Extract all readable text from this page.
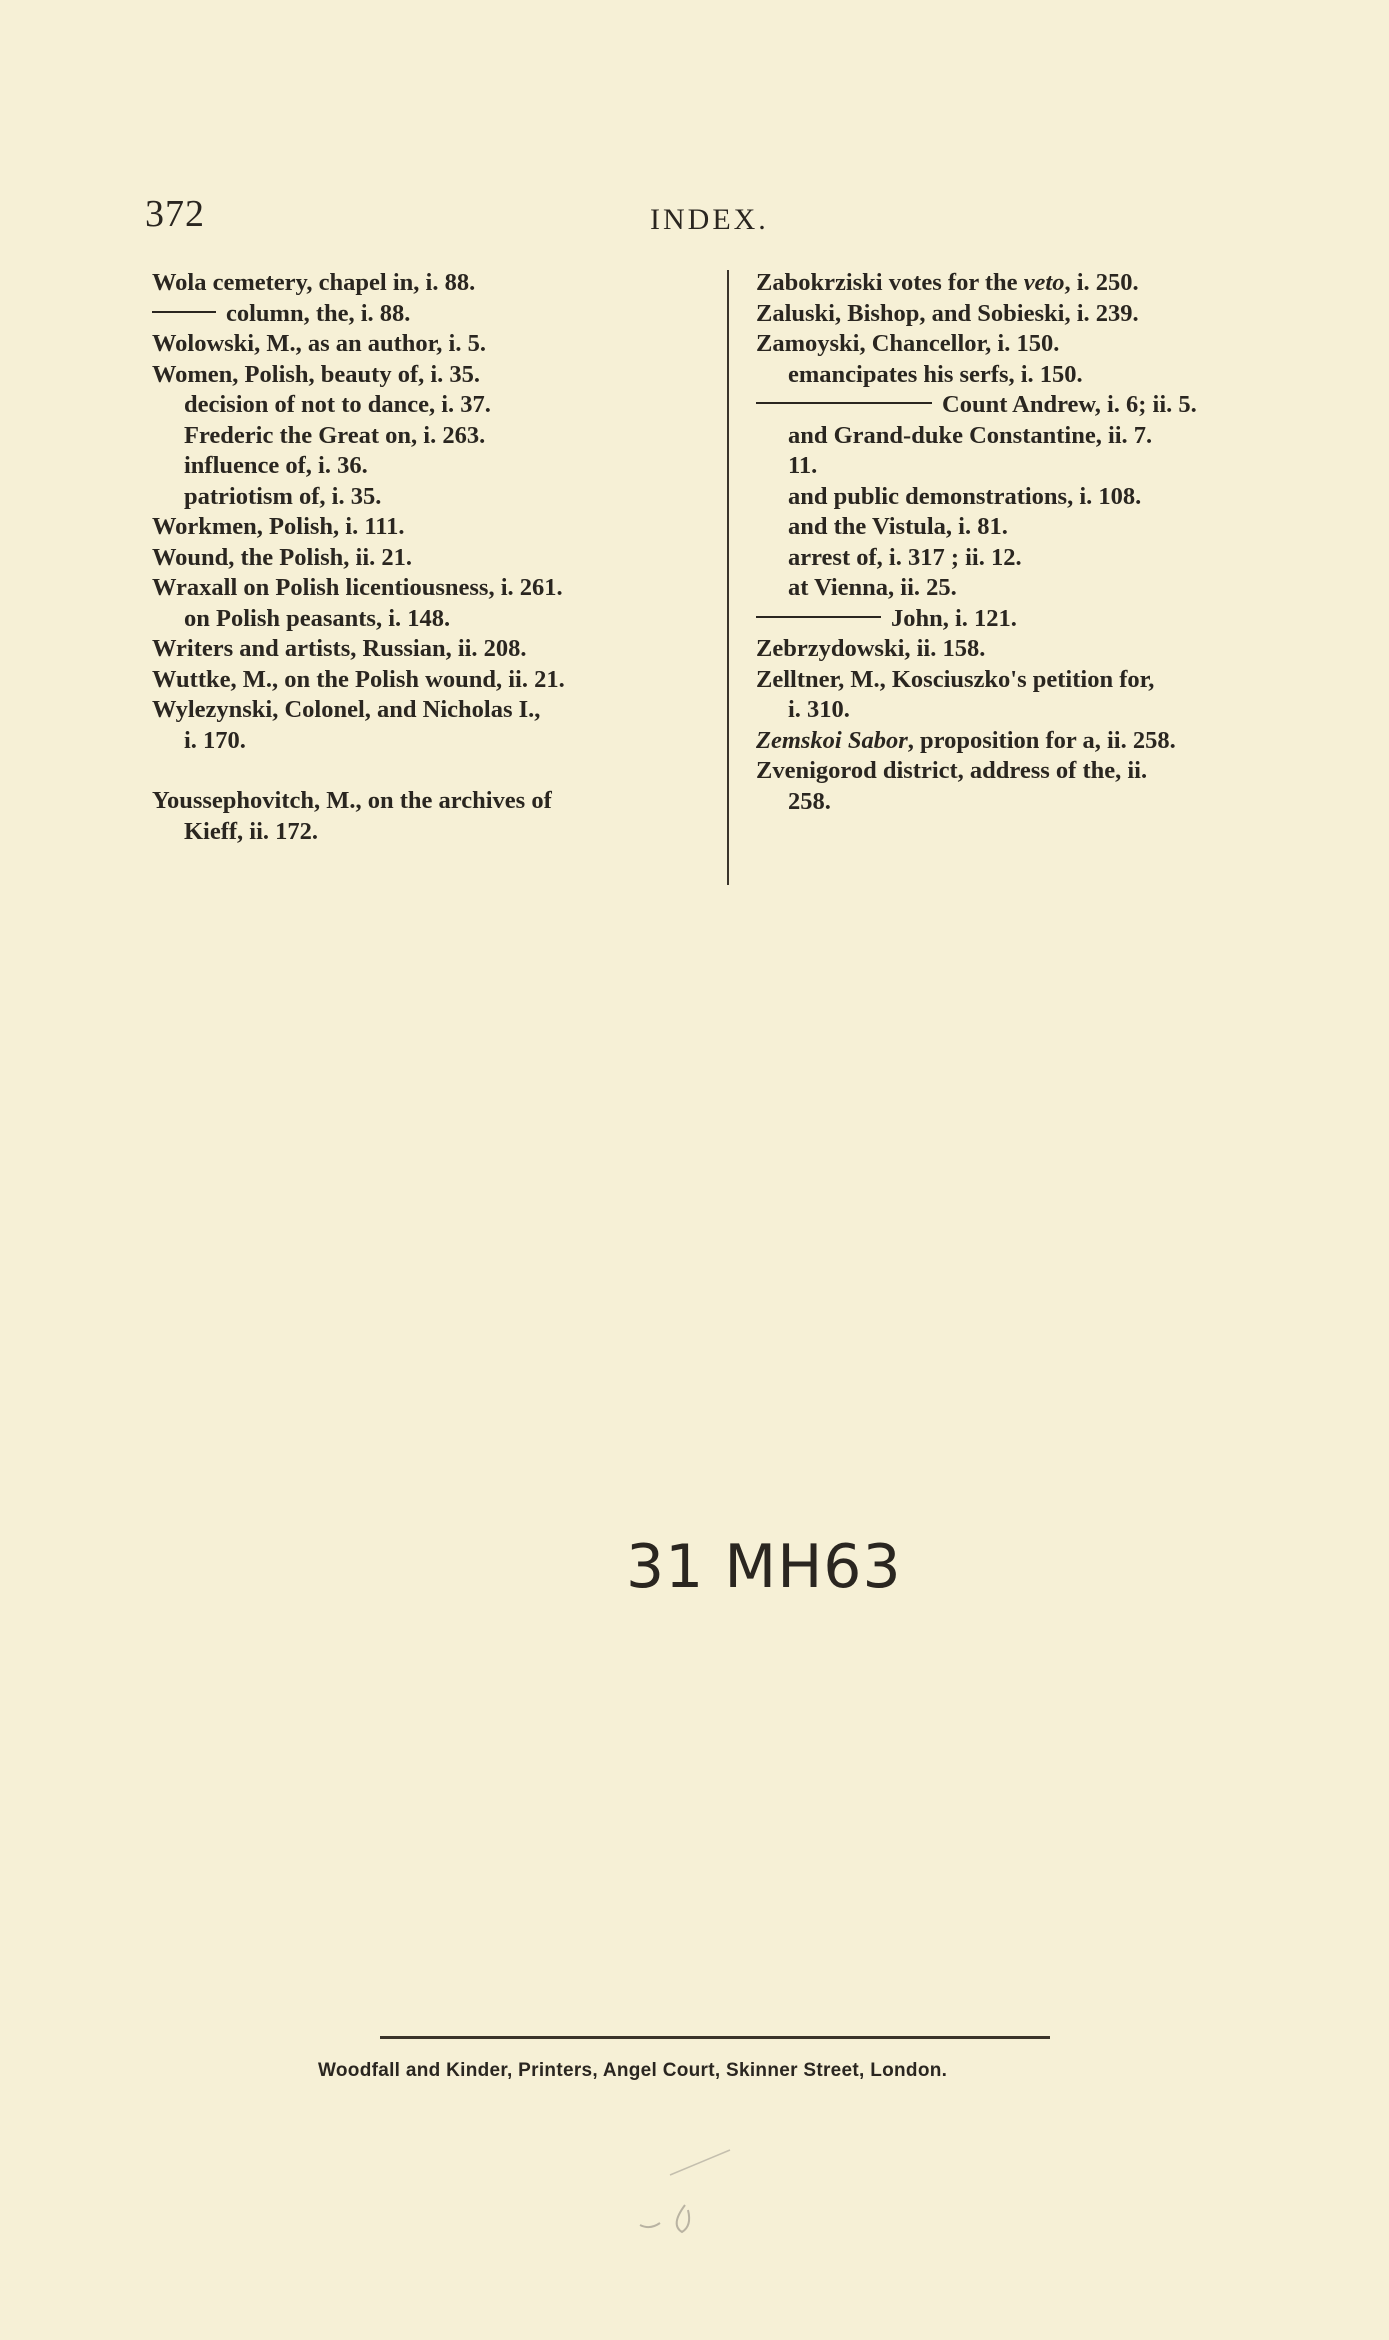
372	INDEX.
Wola cemetery, chapel in, i. 88.
column, the, i. 88.
Wolowski, M., as an author, i. 5.
Women, Polish, beauty of, i. 35.
decision of not to dance, i. 37.
Frederic the Great on, i. 263.
influence of, i. 36.
patriotism of, i. 35.
Workmen, Polish, i. 111.
Wound, the Polish, ii. 21.
Wraxall on Polish licentiousness, i. 261.
on Polish peasants, i. 148.
Writers and artists, Russian, ii. 208.
Wuttke, M., on the Polish wound, ii. 21.
Wylezynski, Colonel, and Nicholas I.,
i. 170.
Youssephovitch, M., on the archives of
Kieff, ii. 172.
Zabokrziski votes for the veto, i. 250.
Zaluski, Bishop, and Sobieski, i. 239.
Zamoyski, Chancellor, i. 150.
emancipates his serfs, i. 150.
Count Andrew, i. 6; ii. 5.
and Grand-duke Constantine, ii. 7.
11.
and public demonstrations, i. 108.
and the Vistula, i. 81.
arrest of, i. 317 ; ii. 12.
at Vienna, ii. 25.
John, i. 121.
Zebrzydowski, ii. 158.
Zelltner, M., Kosciuszko's petition for,
i. 310.
Zemskoi Sabor, proposition for a, ii. 258.
Zvenigorod district, address of the, ii.
258.
31 MH63
Woodfall and Kinder, Printers, Angel Court, Skinner Street, London.
